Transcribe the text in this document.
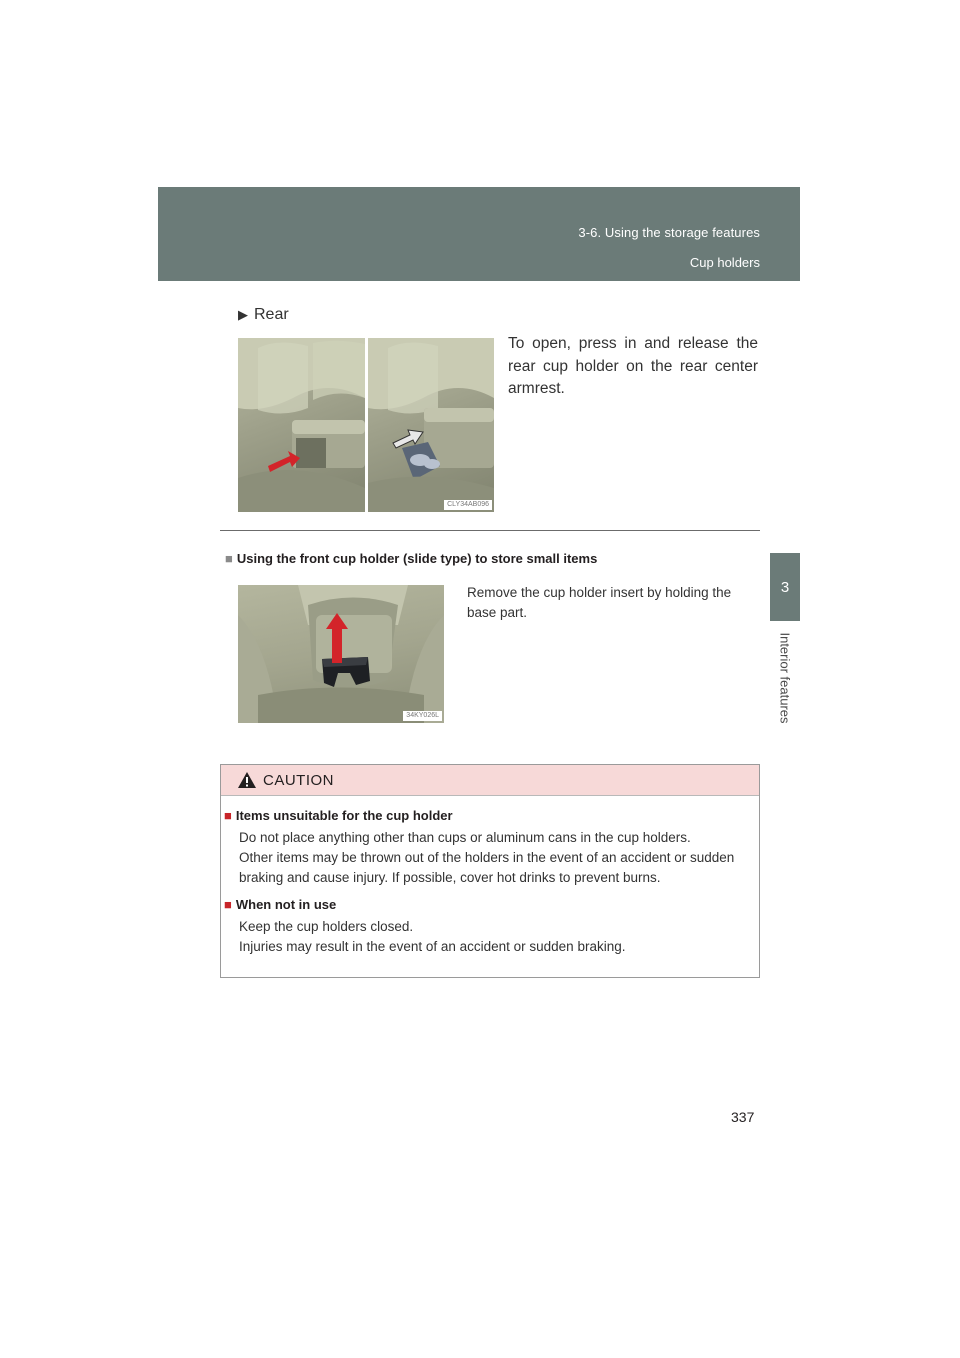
3-6. Using the storage features
Cup holders
3
Interior features
▶ Rear
CLY34AB096
To open, press in and release the rear cup holder on the rear center armrest.
■ Using the front cup holder (slide type) to store small items
34KY026L
Remove the cup holder insert by holding the base part.
CAUTION

■ Items unsuitable for the cup holder

Do not place anything other than cups or aluminum cans in the cup holders.

Other items may be thrown out of the holders in the event of an accident or sudden

braking and cause injury. If possible, cover hot drinks to prevent burns.

■ When not in use

Keep the cup holders closed.

Injuries may result in the event of an accident or sudden braking.

337
